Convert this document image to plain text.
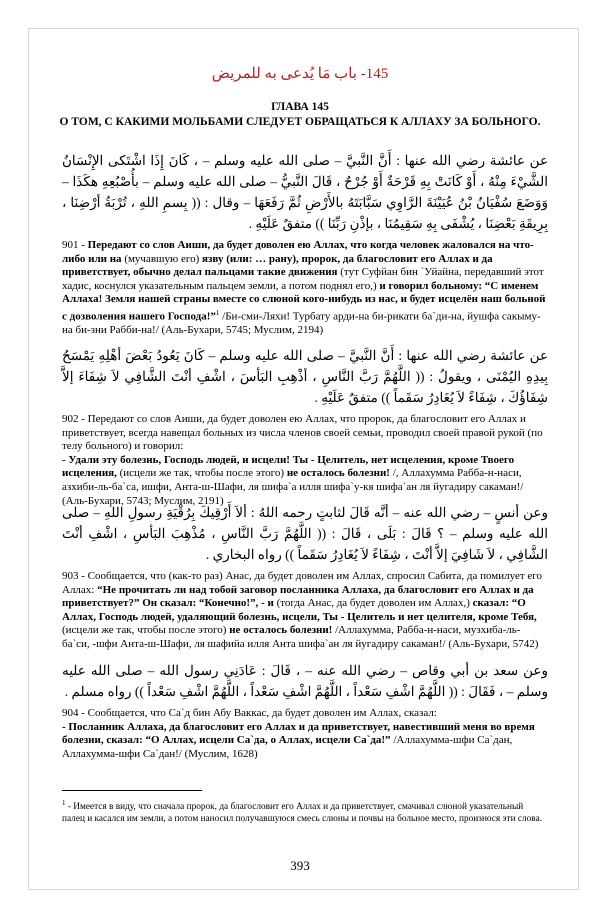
145- باب مَا يُدعى به للمريض
ГЛАВА 145
О ТОМ, С КАКИМИ МОЛЬБАМИ СЛЕДУЕТ ОБРАЩАТЬСЯ К АЛЛАХУ ЗА БОЛЬНОГО.

عن عائشة رضي الله عنها : أَنَّ النَّبيَّ – صلى الله عليه وسلم – ، كَانَ إِذَا اشْتَكى الإِنْسَانُ الشَّيْءَ مِنْهُ ، أَوْ كَانَتْ بِهِ قَرْحَةٌ أَوْ جُرْحٌ ، قَالَ النَّبيُّ – صلى الله عليه وسلم – بأُصْبُعِهِ هكَذَا – وَوَضَعَ سُفْيَانُ بْنُ عُيَيْنَةَ الرَّاوِي سَبَّابَتَهُ بالأَرْضِ ثُمَّ رَفَعَهَا – وقال : (( بِسمِ اللهِ ، تُرْبَةُ أرْضِنَا ، بِرِيقَةِ بَعْضِنَا ، يُشْفَى بِهِ سَقِيمُنَا ، بإذْنِ رَبِّنَا )) متفقٌ عَلَيْهِ .

901 - Передают со слов Аиши, да будет доволен ею Аллах, что когда человек жаловался на что-либо или на (мучавшую его) язву (или: … рану), пророк, да благословит его Аллах и да приветствует, обычно делал пальцами такие движения (тут Суфйан бин `Уйайна, передавший этот хадис, коснулся указательным пальцем земли, а потом поднял его,) и говорил больному: “С именем Аллаха! Земля нашей страны вместе со слюной кого-нибудь из нас, и будет исцелён наш больной с дозволения нашего Господа!”$^1$ /Би-сми-Ляхи! Турбату арди-на би-рикати ба`ди-на, йушфа сакыму-на би-зни Рабби-на!/ (Аль-Бухари, 5745; Муслим, 2194)

عن عائشة رضي الله عنها : أَنَّ النَّبيَّ – صلى الله عليه وسلم – كَانَ يَعُودُ بَعْضَ أهْلِهِ يَمْسَحُ بِيدِهِ اليُمْنَى ، ويقولُ : (( اللَّهُمَّ رَبَّ النَّاسِ ، أذْهِبِ البَأسَ ، اشْفِ أنْتَ الشَّافِي لاَ شِفَاءَ إلاَّ شِفَاؤُكَ ، شِفَاءً لاَ يُغَادِرُ سَقَماً )) متفقٌ عَلَيْهِ .

902 - Передают со слов Аиши, да будет доволен ею Аллах, что пророк, да благословит его Аллах и приветствует, всегда навещал больных из числа членов своей семьи, проводил своей правой рукой (по телу больного) и говорил:

- Удали эту болезнь, Господь людей, и исцели! Ты - Целитель, нет исцеления, кроме Твоего исцеления, (исцели же так, чтобы после этого) не осталось болезни! /, Аллахумма Рабба-н-наси, азхиби-ль-ба`са, ишфи, Анта-ш-Шафи, ля шифа`а илля шифа`у-кя шифа`ан ля йугадиру сакаман!/ (Аль-Бухари, 5743; Муслим, 2191)

وعن أنسٍ – رضي الله عنه – أنَّه قَالَ لثابتٍ رحمه اللهُ : ألاَ أَرْقِيكَ بِرُقْيَةِ رسولِ اللهِ – صلى الله عليه وسلم – ؟ قَالَ : بَلَى ، قَالَ : (( اللَّهُمَّ رَبَّ النَّاسِ ، مُذْهِبَ البَأسِ ، اشْفِ أنْتَ الشَّافِي ، لاَ شَافِيَ إلاَّ أنْتَ ، شِفَاءً لاَ يُغَادِرُ سَقَماً )) رواه البخاري .

903 - Сообщается, что (как-то раз) Анас, да будет доволен им Аллах, спросил Сабита, да помилует его Аллах: “Не прочитать ли над тобой заговор посланника Аллаха, да благословит его Аллах и да приветствует?” Он сказал: “Конечно!”, - и (тогда Анас, да будет доволен им Аллах,) сказал: “О Аллах, Господь людей, удаляющий болезнь, исцели, Ты - Целитель и нет целителя, кроме Тебя, (исцели же так, чтобы после этого) не осталось болезни! /Аллахумма, Рабба-н-наси, музхиба-ль-ба`си, -шфи Анта-ш-Шафи, ля шафийа илля Анта шифа`ан ля йугадиру сакаман!/ (Аль-Бухари, 5742)

وعن سعد بن أبي وقاص – رضي الله عنه – ، قَالَ : عَادَنِي رسول الله – صلى الله عليه وسلم – ، فَقَالَ : (( اللَّهُمَّ اشْفِ سَعْداً ، اللَّهُمَّ اشْفِ سَعْداً ، اللَّهُمَّ اشْفِ سَعْداً )) رواه مسلم .

904 - Сообщается, что Са`д бин Абу Ваккас, да будет доволен им Аллах, сказал:

- Посланник Аллаха, да благословит его Аллах и да приветствует, навестивший меня во время болезни, сказал: “О Аллах, исцели Са`да, о Аллах, исцели Са`да!” /Аллахумма-шфи Са`дан, Аллахумма-шфи Са`дан!/ (Муслим, 1628)

$^1$ - Имеется в виду, что сначала пророк, да благословит его Аллах и да приветствует, смачивал слюной указательный палец и касался им земли, а потом наносил получавшуюся смесь слюны и почвы на больное место, произнося эти слова.
393
